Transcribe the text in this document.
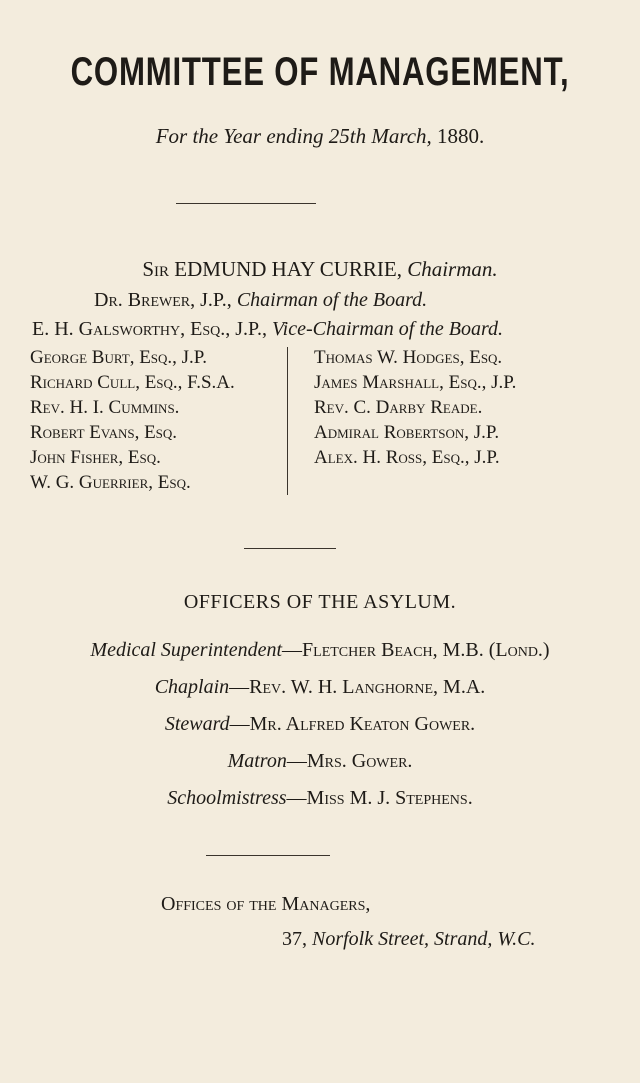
COMMITTEE OF MANAGEMENT,
For the Year ending 25th March, 1880.
Sir EDMUND HAY CURRIE, Chairman.
Dr. Brewer, J.P., Chairman of the Board.
E. H. Galsworthy, Esq., J.P., Vice-Chairman of the Board.
George Burt, Esq., J.P.
Richard Cull, Esq., F.S.A.
Rev. H. I. Cummins.
Robert Evans, Esq.
John Fisher, Esq.
W. G. Guerrier, Esq.
Thomas W. Hodges, Esq.
James Marshall, Esq., J.P.
Rev. C. Darby Reade.
Admiral Robertson, J.P.
Alex. H. Ross, Esq., J.P.
OFFICERS OF THE ASYLUM.
Medical Superintendent—Fletcher Beach, M.B. (Lond.)
Chaplain—Rev. W. H. Langhorne, M.A.
Steward—Mr. Alfred Keaton Gower.
Matron—Mrs. Gower.
Schoolmistress—Miss M. J. Stephens.
Offices of the Managers,
37, Norfolk Street, Strand, W.C.
